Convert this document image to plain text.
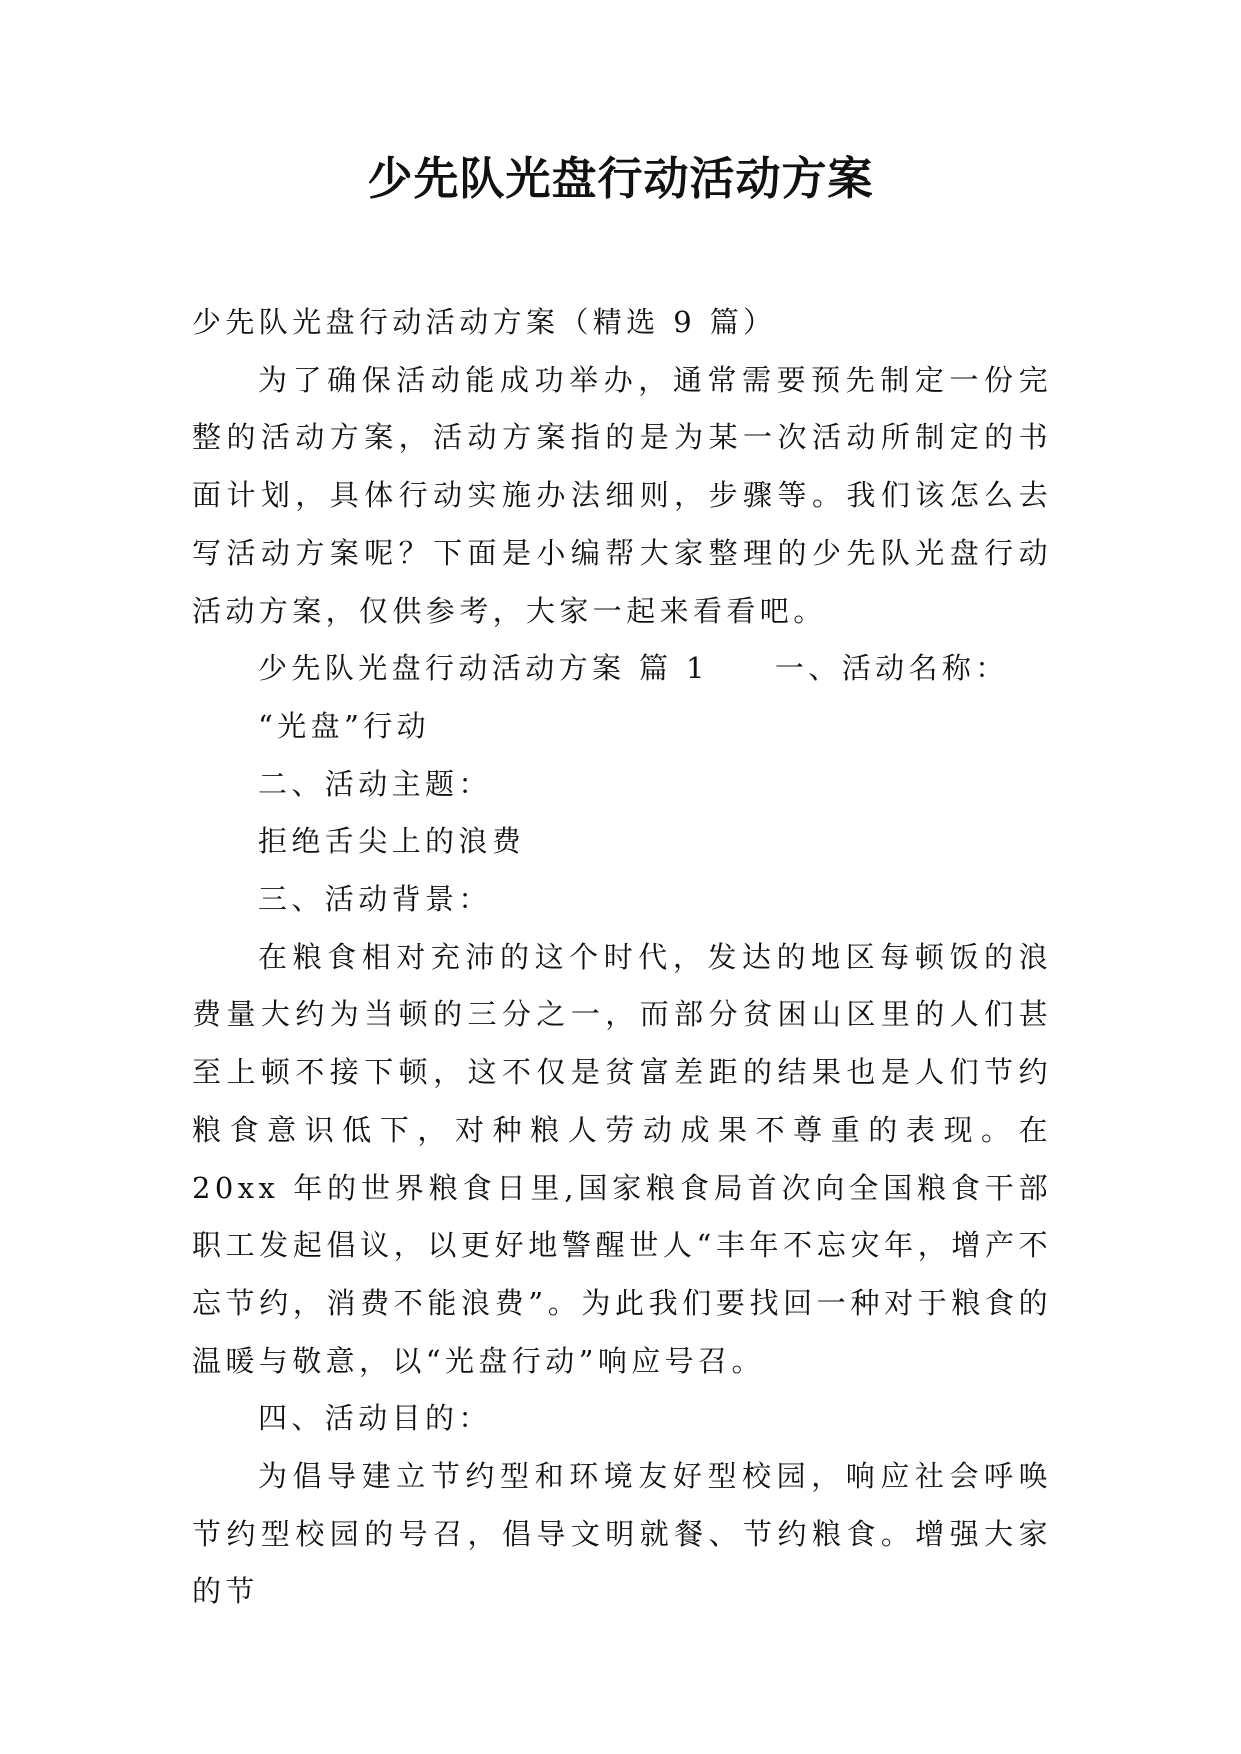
少先队光盘行动活动方案

少先队光盘行动活动方案（精选 9 篇）

为了确保活动能成功举办，通常需要预先制定一份完整的活动方案，活动方案指的是为某一次活动所制定的书面计划，具体行动实施办法细则，步骤等。我们该怎么去写活动方案呢？下面是小编帮大家整理的少先队光盘行动活动方案，仅供参考，大家一起来看看吧。

少先队光盘行动活动方案 篇 1 一、活动名称：

“光盘”行动

二、活动主题：

拒绝舌尖上的浪费

三、活动背景：

在粮食相对充沛的这个时代，发达的地区每顿饭的浪费量大约为当顿的三分之一，而部分贫困山区里的人们甚至上顿不接下顿，这不仅是贫富差距的结果也是人们节约粮食意识低下，对种粮人劳动成果不尊重的表现。在 20xx 年的世界粮食日里,国家粮食局首次向全国粮食干部职工发起倡议，以更好地警醒世人“丰年不忘灾年，增产不忘节约，消费不能浪费”。为此我们要找回一种对于粮食的温暖与敬意，以“光盘行动”响应号召。

四、活动目的：

为倡导建立节约型和环境友好型校园，响应社会呼唤节约型校园的号召，倡导文明就餐、节约粮食。增强大家的节
